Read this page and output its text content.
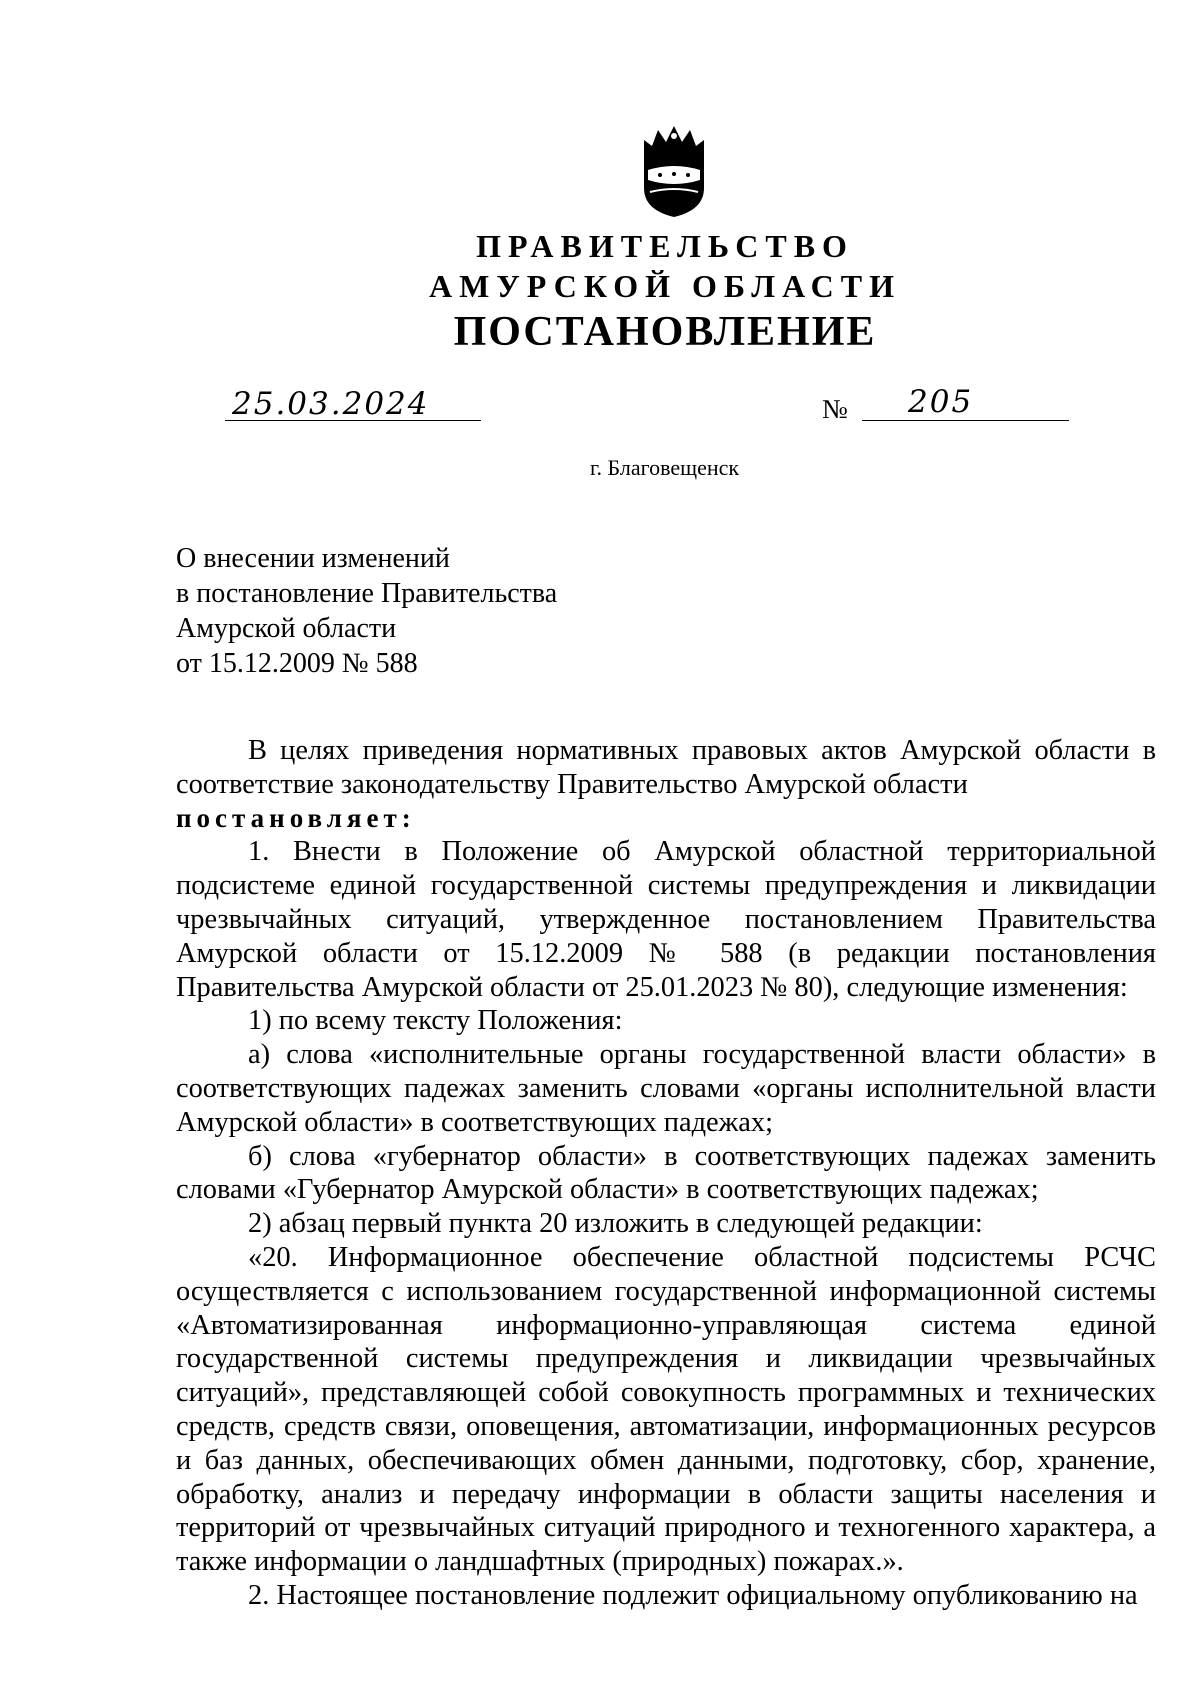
ПРАВИТЕЛЬСТВО
АМУРСКОЙ ОБЛАСТИ
ПОСТАНОВЛЕНИЕ
25.03.2024	№ 205
г. Благовещенск
О внесении изменений
в постановление Правительства
Амурской области
от 15.12.2009 № 588

В целях приведения нормативных правовых актов Амурской области в соответствие законодательству Правительство Амурской области

постановляет:

1. Внести в Положение об Амурской областной территориальной подсистеме единой государственной системы предупреждения и ликвидации чрезвычайных ситуаций, утвержденное постановлением Правительства Амурской области от 15.12.2009 № 588 (в редакции постановления Правительства Амурской области от 25.01.2023 № 80), следующие изменения:

1) по всему тексту Положения:

а) слова «исполнительные органы государственной власти области» в соответствующих падежах заменить словами «органы исполнительной власти Амурской области» в соответствующих падежах;

б) слова «губернатор области» в соответствующих падежах заменить словами «Губернатор Амурской области» в соответствующих падежах;

2) абзац первый пункта 20 изложить в следующей редакции:

«20. Информационное обеспечение областной подсистемы РСЧС осуществляется с использованием государственной информационной системы «Автоматизированная информационно-управляющая система единой государственной системы предупреждения и ликвидации чрезвычайных ситуаций», представляющей собой совокупность программных и технических средств, средств связи, оповещения, автоматизации, информационных ресурсов и баз данных, обеспечивающих обмен данными, подготовку, сбор, хранение, обработку, анализ и передачу информации в области защиты населения и территорий от чрезвычайных ситуаций природного и техногенного характера, а также информации о ландшафтных (природных) пожарах.».

2. Настоящее постановление подлежит официальному опубликованию на
